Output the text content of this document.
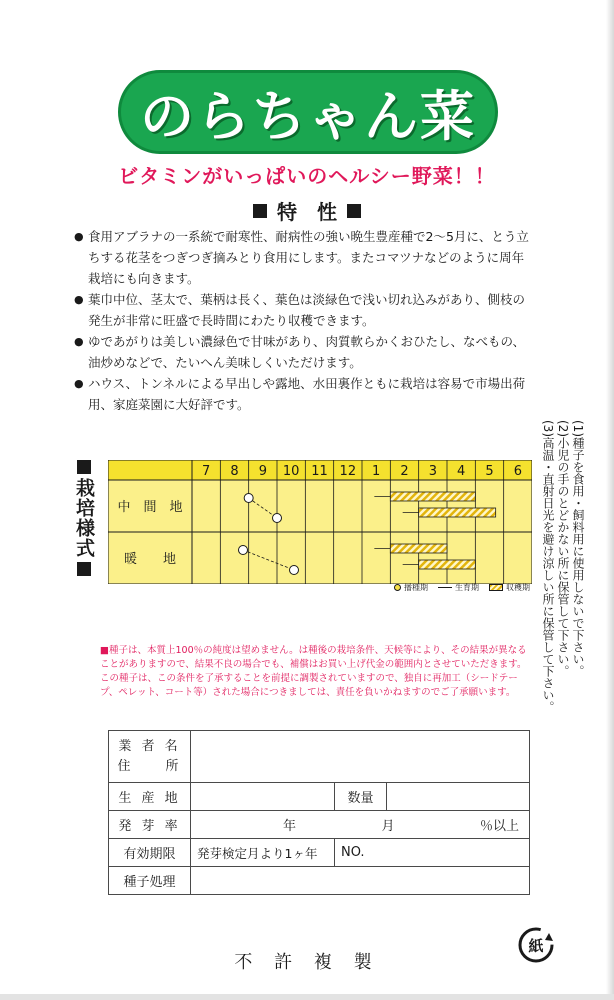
のらちゃん菜
ビタミンがいっぱいのヘルシー野菜！！
特　性
● 食用アブラナの一系統で耐寒性、耐病性の強い晩生豊産種で2〜5月に、とう立ちする花茎をつぎつぎ摘みとり食用にします。またコマツナなどのように周年栽培にも向きます。
● 葉巾中位、茎太で、葉柄は長く、葉色は淡緑色で浅い切れ込みがあり、側枝の発生が非常に旺盛で長時間にわたり収穫できます。
● ゆであがりは美しい濃緑色で甘味があり、肉質軟らかくおひたし、なべもの、油炒めなどで、たいへん美味しくいただけます。
● ハウス、トンネルによる早出しや露地、水田裏作ともに栽培は容易で市場出荷用、家庭菜園に大好評です。
栽培様式
7 8 9 10 11 12 1 2 3 4 5 6
中　間　地
暖　　地
播種期	生育期	収穫期	(1)種子を食用・飼料用に使用しないで下さい。
(2)小児の手のとどかない所に保管して下さい。
(3)高温・直射日光を避け涼しい所に保管して下さい。
■種子は、本質上100％の純度は望めません。は種後の栽培条件、天候等により、その結果が異なることがありますので、結果不良の場合でも、補償はお買い上げ代金の範囲内とさせていただきます。この種子は、この条件を了承することを前提に調製されていますので、独自に再加工（シードテープ、ペレット、コート等）された場合につきましては、責任を負いかねますのでご了承願います。
業 者 名
住　　所			

生 産 地		数量	
発 芽 率	年 月 ％以上		

有効期限	発芽検定月より1ヶ年	NO.	
種子処理			
不 許 複 製
紙
